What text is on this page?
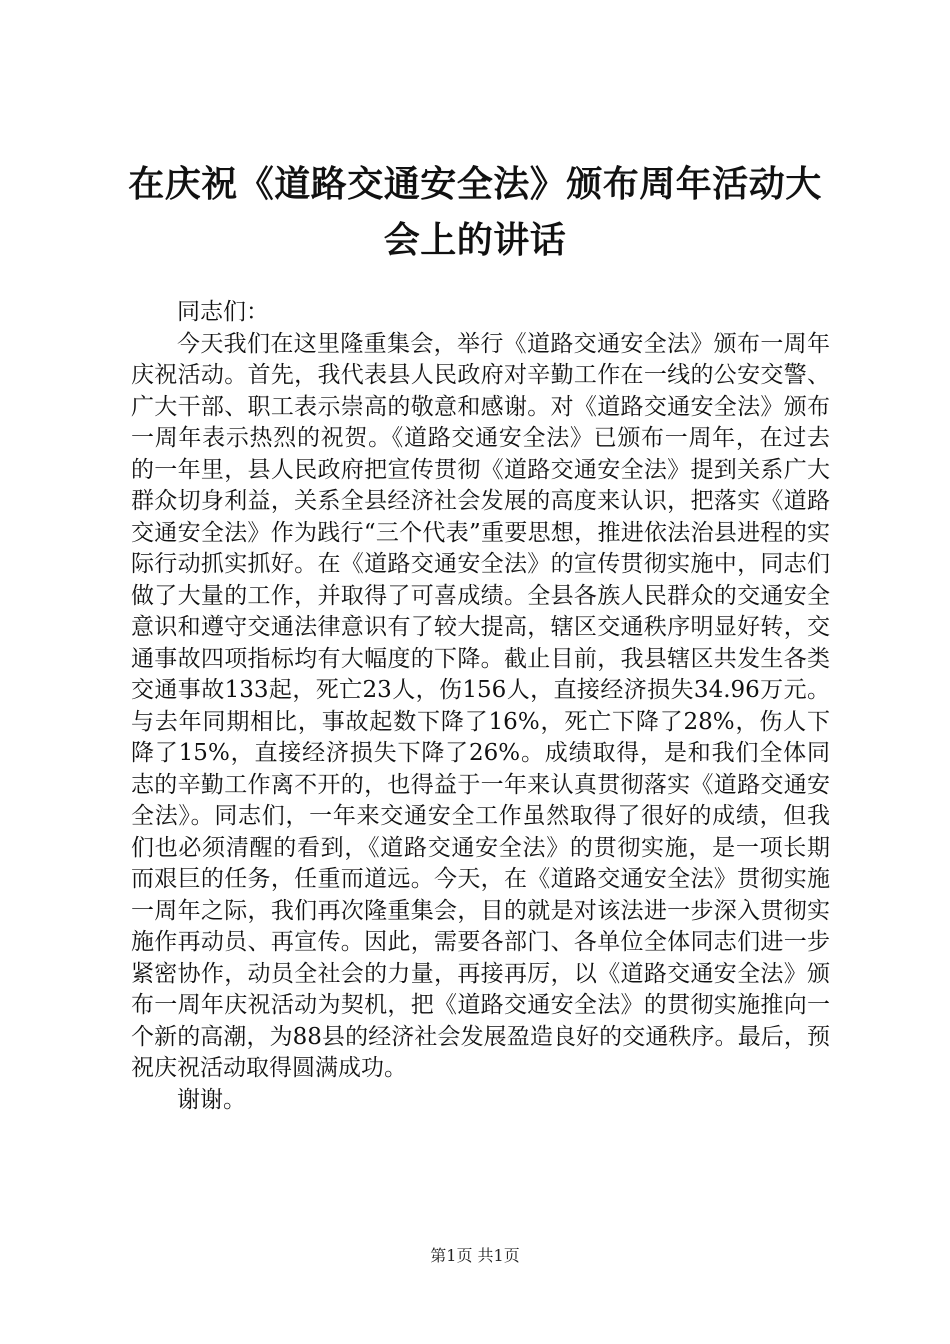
在庆祝《道路交通安全法》颁布周年活动大会上的讲话

同志们：

今天我们在这里隆重集会，举行《道路交通安全法》颁布一周年庆祝活动。首先，我代表县人民政府对辛勤工作在一线的公安交警、广大干部、职工表示崇高的敬意和感谢。对《道路交通安全法》颁布一周年表示热烈的祝贺。《道路交通安全法》已颁布一周年，在过去的一年里，县人民政府把宣传贯彻《道路交通安全法》提到关系广大群众切身利益，关系全县经济社会发展的高度来认识，把落实《道路交通安全法》作为践行“三个代表”重要思想，推进依法治县进程的实际行动抓实抓好。在《道路交通安全法》的宣传贯彻实施中，同志们做了大量的工作，并取得了可喜成绩。全县各族人民群众的交通安全意识和遵守交通法律意识有了较大提高，辖区交通秩序明显好转，交通事故四项指标均有大幅度的下降。截止目前，我县辖区共发生各类交通事故133起，死亡23人，伤156人，直接经济损失34.96万元。与去年同期相比，事故起数下降了16%，死亡下降了28%，伤人下降了15%，直接经济损失下降了26%。成绩取得，是和我们全体同志的辛勤工作离不开的，也得益于一年来认真贯彻落实《道路交通安全法》。同志们，一年来交通安全工作虽然取得了很好的成绩，但我们也必须清醒的看到，《道路交通安全法》的贯彻实施，是一项长期而艰巨的任务，任重而道远。今天，在《道路交通安全法》贯彻实施一周年之际，我们再次隆重集会，目的就是对该法进一步深入贯彻实施作再动员、再宣传。因此，需要各部门、各单位全体同志们进一步紧密协作，动员全社会的力量，再接再厉，以《道路交通安全法》颁布一周年庆祝活动为契机，把《道路交通安全法》的贯彻实施推向一个新的高潮，为88县的经济社会发展盈造良好的交通秩序。最后，预祝庆祝活动取得圆满成功。

谢谢。

第1页 共1页
